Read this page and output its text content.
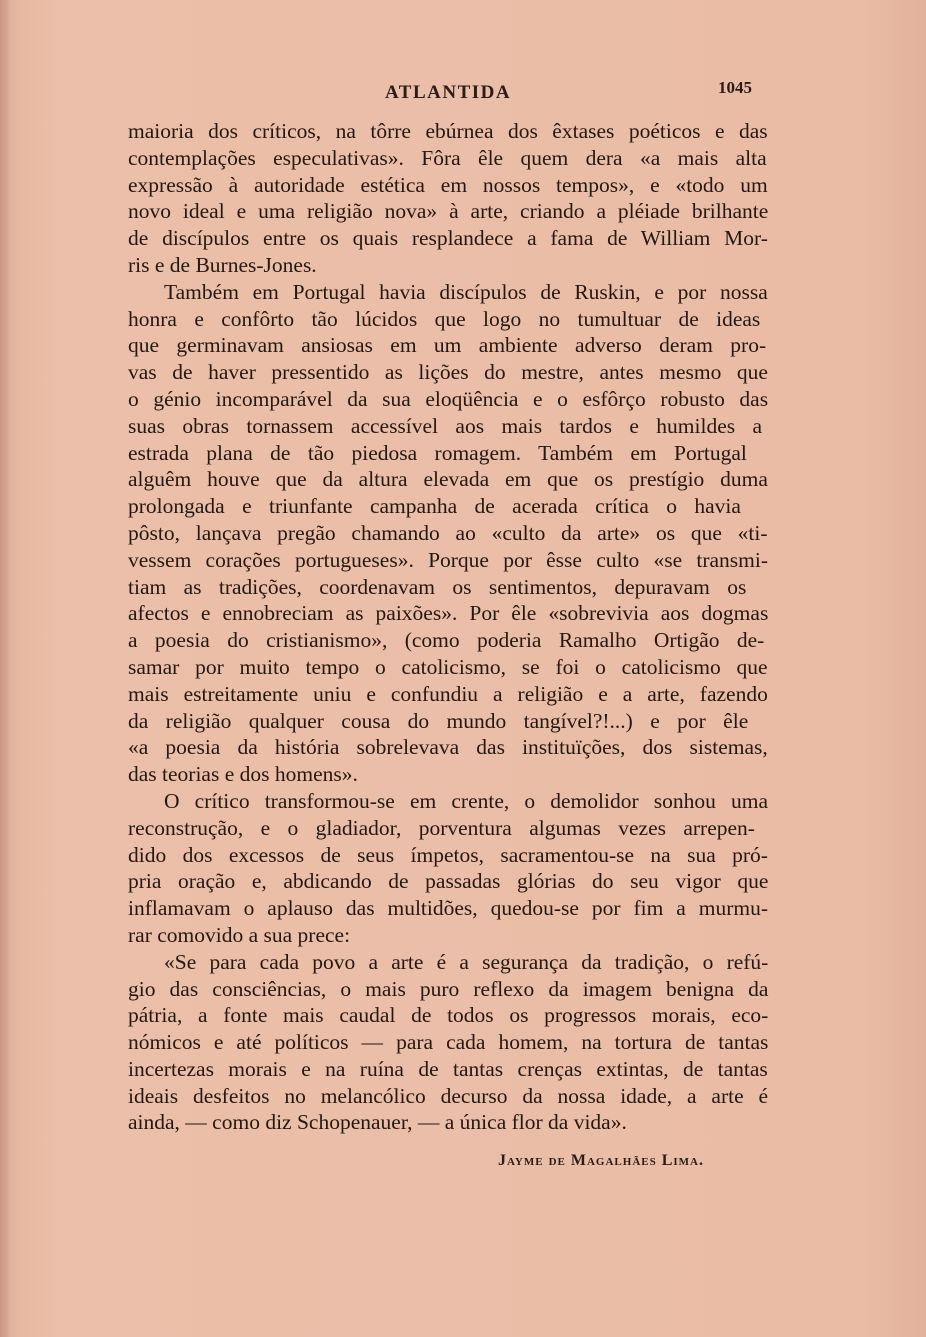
ATLANTIDA	1045

maioria dos críticos, na tôrre ebúrnea dos êxtases poéticos e das
contemplações especulativas». Fôra êle quem dera «a mais alta
expressão à autoridade estética em nossos tempos», e «todo um
novo ideal e uma religião nova» à arte, criando a pléiade brilhante
de discípulos entre os quais resplandece a fama de William Mor-
ris e de Burnes-Jones.

Também em Portugal havia discípulos de Ruskin, e por nossa
honra e confôrto tão lúcidos que logo no tumultuar de ideas
que germinavam ansiosas em um ambiente adverso deram pro-
vas de haver pressentido as lições do mestre, antes mesmo que
o génio incomparável da sua eloqüência e o esfôrço robusto das
suas obras tornassem accessível aos mais tardos e humildes a
estrada plana de tão piedosa romagem. Também em Portugal
alguêm houve que da altura elevada em que os prestígio duma
prolongada e triunfante campanha de acerada crítica o havia
pôsto, lançava pregão chamando ao «culto da arte» os que «ti-
vessem corações portugueses». Porque por êsse culto «se transmi-
tiam as tradições, coordenavam os sentimentos, depuravam os
afectos e ennobreciam as paixões». Por êle «sobrevivia aos dogmas
a poesia do cristianismo», (como poderia Ramalho Ortigão de-
samar por muito tempo o catolicismo, se foi o catolicismo que
mais estreitamente uniu e confundiu a religião e a arte, fazendo
da religião qualquer cousa do mundo tangível?!...) e por êle
«a poesia da história sobrelevava das instituïções, dos sistemas,
das teorias e dos homens».

O crítico transformou-se em crente, o demolidor sonhou uma
reconstrução, e o gladiador, porventura algumas vezes arrepen-
dido dos excessos de seus ímpetos, sacramentou-se na sua pró-
pria oração e, abdicando de passadas glórias do seu vigor que
inflamavam o aplauso das multidões, quedou-se por fim a murmu-
rar comovido a sua prece:

«Se para cada povo a arte é a segurança da tradição, o refú-
gio das consciências, o mais puro reflexo da imagem benigna da
pátria, a fonte mais caudal de todos os progressos morais, eco-
nómicos e até políticos — para cada homem, na tortura de tantas
incertezas morais e na ruína de tantas crenças extintas, de tantas
ideais desfeitos no melancólico decurso da nossa idade, a arte é
ainda, — como diz Schopenauer, — a única flor da vida».

Jayme de Magalhães Lima.
